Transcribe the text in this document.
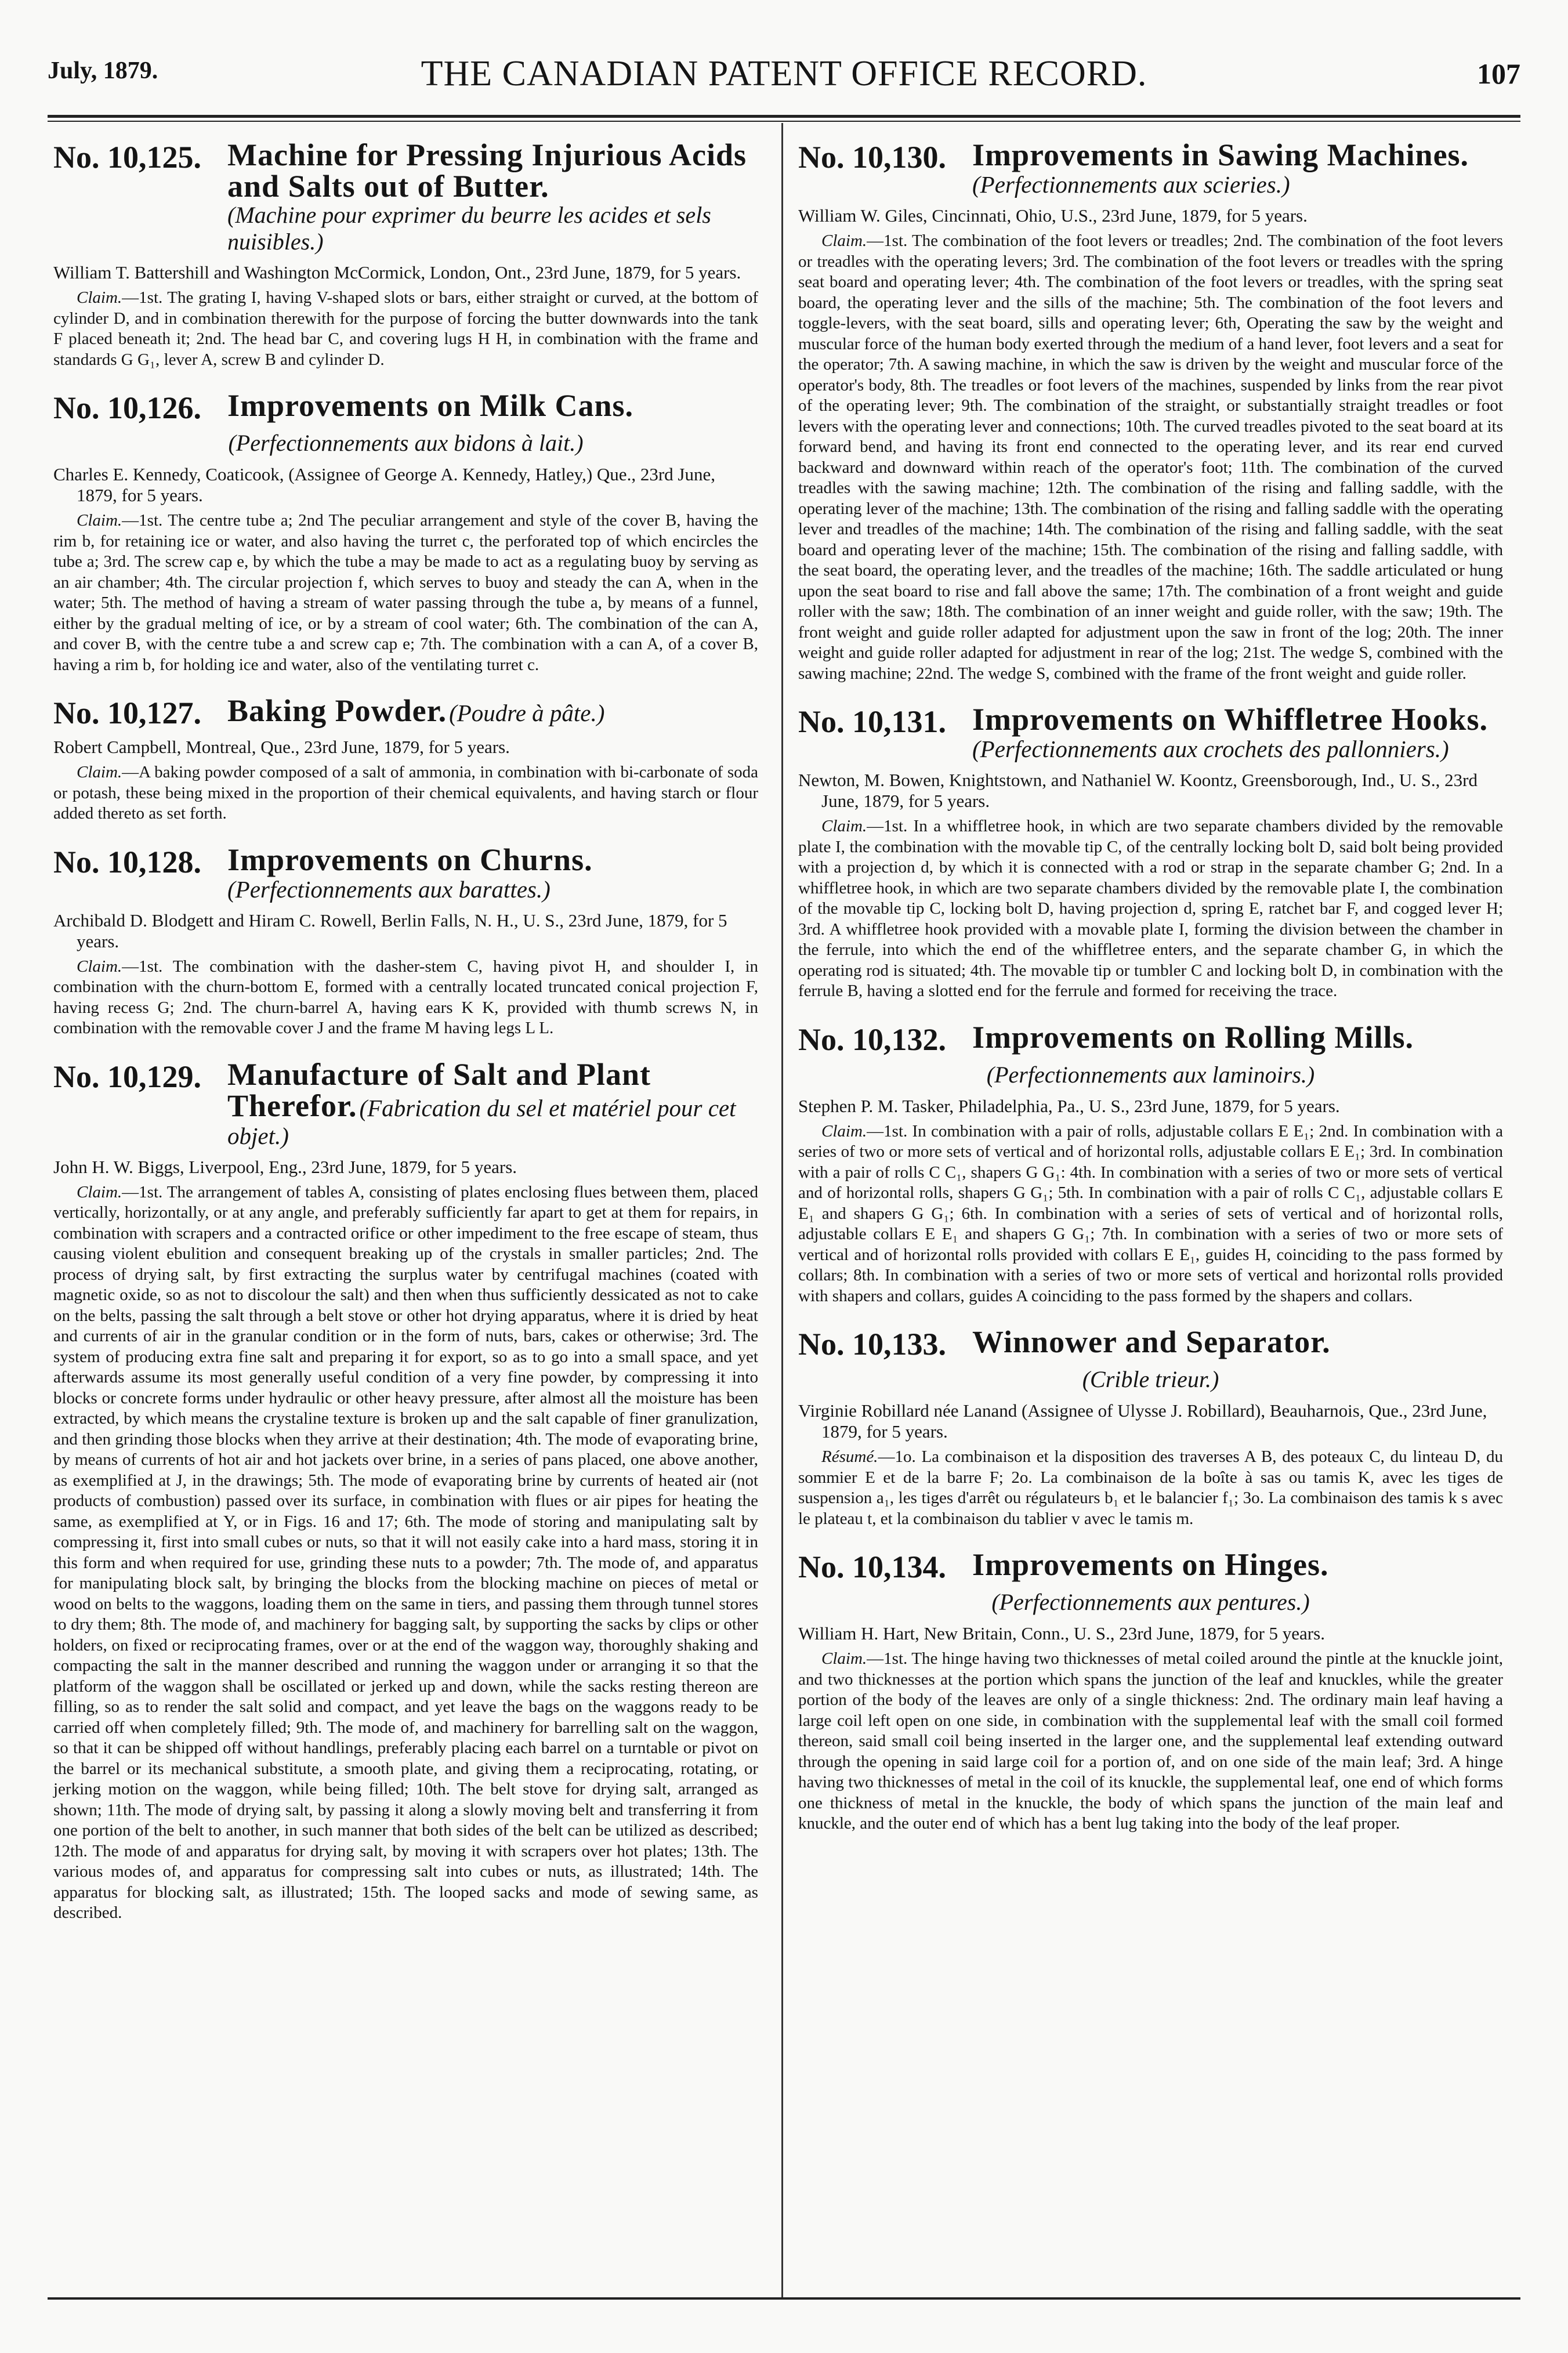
July, 1879.	THE CANADIAN PATENT OFFICE RECORD.	107
No. 10,125. Machine for Pressing Injurious Acids and Salts out of Butter.
(Machine pour exprimer du beurre les acides et sels nuisibles.)
William T. Battershill and Washington McCormick, London, Ont., 23rd June, 1879, for 5 years.
Claim.—1st. The grating I, having V-shaped slots or bars, either straight or curved, at the bottom of cylinder D, and in combination therewith for the purpose of forcing the butter downwards into the tank F placed beneath it; 2nd. The head bar C, and covering lugs H H, in combination with the frame and standards G G₁, lever A, screw B and cylinder D.
No. 10,126. Improvements on Milk Cans.
(Perfectionnements aux bidons à lait.)
Charles E. Kennedy, Coaticook, (Assignee of George A. Kennedy, Hatley,) Que., 23rd June, 1879, for 5 years.
Claim.—1st. The centre tube a; 2nd The peculiar arrangement and style of the cover B, having the rim b, for retaining ice or water, and also having the turret c, the perforated top of which encircles the tube a; 3rd. The screw cap e, by which the tube a may be made to act as a regulating buoy by serving as an air chamber; 4th. The circular projection f, which serves to buoy and steady the can A, when in the water; 5th. The method of having a stream of water passing through the tube a, by means of a funnel, either by the gradual melting of ice, or by a stream of cool water; 6th. The combination of the can A, and cover B, with the centre tube a and screw cap e; 7th. The combination with a can A, of a cover B, having a rim b, for holding ice and water, also of the ventilating turret c.
No. 10,127. Baking Powder. (Poudre à pâte.)
Robert Campbell, Montreal, Que., 23rd June, 1879, for 5 years.
Claim.—A baking powder composed of a salt of ammonia, in combination with bi-carbonate of soda or potash, these being mixed in the proportion of their chemical equivalents, and having starch or flour added thereto as set forth.
No. 10,128. Improvements on Churns. (Perfectionnements aux barattes.)
Archibald D. Blodgett and Hiram C. Rowell, Berlin Falls, N. H., U. S., 23rd June, 1879, for 5 years.
Claim.—1st. The combination with the dasher-stem C, having pivot H, and shoulder I, in combination with the churn-bottom E, formed with a centrally located truncated conical projection F, having recess G; 2nd. The churn-barrel A, having ears K K, provided with thumb screws N, in combination with the removable cover J and the frame M having legs L L.
No. 10,129. Manufacture of Salt and Plant Therefor. (Fabrication du sel et matériel pour cet objet.)
John H. W. Biggs, Liverpool, Eng., 23rd June, 1879, for 5 years.
Claim.—1st. The arrangement of tables A, consisting of plates enclosing flues between them, placed vertically, horizontally, or at any angle, and preferably sufficiently far apart to get at them for repairs, in combination with scrapers and a contracted orifice or other impediment to the free escape of steam, thus causing violent ebulition and consequent breaking up of the crystals in smaller particles; 2nd. The process of drying salt, by first extracting the surplus water by centrifugal machines (coated with magnetic oxide, so as not to discolour the salt) and then when thus sufficiently dessicated as not to cake on the belts, passing the salt through a belt stove or other hot drying apparatus, where it is dried by heat and currents of air in the granular condition or in the form of nuts, bars, cakes or otherwise; 3rd. The system of producing extra fine salt and preparing it for export, so as to go into a small space, and yet afterwards assume its most generally useful condition of a very fine powder, by compressing it into blocks or concrete forms under hydraulic or other heavy pressure, after almost all the moisture has been extracted, by which means the crystaline texture is broken up and the salt capable of finer granulization, and then grinding those blocks when they arrive at their destination; 4th. The mode of evaporating brine, by means of currents of hot air and hot jackets over brine, in a series of pans placed, one above another, as exemplified at J, in the drawings; 5th. The mode of evaporating brine by currents of heated air (not products of combustion) passed over its surface, in combination with flues or air pipes for heating the same, as exemplified at Y, or in Figs. 16 and 17; 6th. The mode of storing and manipulating salt by compressing it, first into small cubes or nuts, so that it will not easily cake into a hard mass, storing it in this form and when required for use, grinding these nuts to a powder; 7th. The mode of, and apparatus for manipulating block salt, by bringing the blocks from the blocking machine on pieces of metal or wood on belts to the waggons, loading them on the same in tiers, and passing them through tunnel stores to dry them; 8th. The mode of, and machinery for bagging salt, by supporting the sacks by clips or other holders, on fixed or reciprocating frames, over or at the end of the waggon way, thoroughly shaking and compacting the salt in the manner described and running the waggon under or arranging it so that the platform of the waggon shall be oscillated or jerked up and down, while the sacks resting thereon are filling, so as to render the salt solid and compact, and yet leave the bags on the waggons ready to be carried off when completely filled; 9th. The mode of, and machinery for barrelling salt on the waggon, so that it can be shipped off without handlings, preferably placing each barrel on a turntable or pivot on the barrel or its mechanical substitute, a smooth plate, and giving them a reciprocating, rotating, or jerking motion on the waggon, while being filled; 10th. The belt stove for drying salt, arranged as shown; 11th. The mode of drying salt, by passing it along a slowly moving belt and transferring it from one portion of the belt to another, in such manner that both sides of the belt can be utilized as described; 12th. The mode of and apparatus for drying salt, by moving it with scrapers over hot plates; 13th. The various modes of, and apparatus for compressing salt into cubes or nuts, as illustrated; 14th. The apparatus for blocking salt, as illustrated; 15th. The looped sacks and mode of sewing same, as described.
No. 10,130. Improvements in Sawing Machines. (Perfectionnements aux scieries.)
William W. Giles, Cincinnati, Ohio, U.S., 23rd June, 1879, for 5 years.
Claim.—1st. The combination of the foot levers or treadles; 2nd. The combination of the foot levers or treadles with the operating levers; 3rd. The combination of the foot levers or treadles with the spring seat board and operating lever; 4th. The combination of the foot levers or treadles, with the spring seat board, the operating lever and the sills of the machine; 5th. The combination of the foot levers and toggle-levers, with the seat board, sills and operating lever; 6th, Operating the saw by the weight and muscular force of the human body exerted through the medium of a hand lever, foot levers and a seat for the operator; 7th. A sawing machine, in which the saw is driven by the weight and muscular force of the operator's body, 8th. The treadles or foot levers of the machines, suspended by links from the rear pivot of the operating lever; 9th. The combination of the straight, or substantially straight treadles or foot levers with the operating lever and connections; 10th. The curved treadles pivoted to the seat board at its forward bend, and having its front end connected to the operating lever, and its rear end curved backward and downward within reach of the operator's foot; 11th. The combination of the curved treadles with the sawing machine; 12th. The combination of the rising and falling saddle, with the operating lever of the machine; 13th. The combination of the rising and falling saddle with the operating lever and treadles of the machine; 14th. The combination of the rising and falling saddle, with the seat board and operating lever of the machine; 15th. The combination of the rising and falling saddle, with the seat board, the operating lever, and the treadles of the machine; 16th. The saddle articulated or hung upon the seat board to rise and fall above the same; 17th. The combination of a front weight and guide roller with the saw; 18th. The combination of an inner weight and guide roller, with the saw; 19th. The front weight and guide roller adapted for adjustment upon the saw in front of the log; 20th. The inner weight and guide roller adapted for adjustment in rear of the log; 21st. The wedge S, combined with the sawing machine; 22nd. The wedge S, combined with the frame of the front weight and guide roller.
No. 10,131. Improvements on Whiffletree Hooks. (Perfectionnements aux crochets des pallonniers.)
Newton, M. Bowen, Knightstown, and Nathaniel W. Koontz, Greensborough, Ind., U. S., 23rd June, 1879, for 5 years.
Claim.—1st. In a whiffletree hook, in which are two separate chambers divided by the removable plate I, the combination with the movable tip C, of the centrally locking bolt D, said bolt being provided with a projection d, by which it is connected with a rod or strap in the separate chamber G; 2nd. In a whiffletree hook, in which are two separate chambers divided by the removable plate I, the combination of the movable tip C, locking bolt D, having projection d, spring E, ratchet bar F, and cogged lever H; 3rd. A whiffletree hook provided with a movable plate I, forming the division between the chamber in the ferrule, into which the end of the whiffletree enters, and the separate chamber G, in which the operating rod is situated; 4th. The movable tip or tumbler C and locking bolt D, in combination with the ferrule B, having a slotted end for the ferrule and formed for receiving the trace.
No. 10,132. Improvements on Rolling Mills.
(Perfectionnements aux laminoirs.)
Stephen P. M. Tasker, Philadelphia, Pa., U. S., 23rd June, 1879, for 5 years.
Claim.—1st. In combination with a pair of rolls, adjustable collars E E₁; 2nd. In combination with a series of two or more sets of vertical and of horizontal rolls, adjustable collars E E₁; 3rd. In combination with a pair of rolls C C₁, shapers G G₁: 4th. In combination with a series of two or more sets of vertical and of horizontal rolls, shapers G G₁; 5th. In combination with a pair of rolls C C₁, adjustable collars E E₁ and shapers G G₁; 6th. In combination with a series of sets of vertical and of horizontal rolls, adjustable collars E E₁ and shapers G G₁; 7th. In combination with a series of two or more sets of vertical and of horizontal rolls provided with collars E E₁, guides H, coinciding to the pass formed by collars; 8th. In combination with a series of two or more sets of vertical and horizontal rolls provided with shapers and collars, guides A coinciding to the pass formed by the shapers and collars.
No. 10,133. Winnower and Separator.
(Crible trieur.)
Virginie Robillard née Lanand (Assignee of Ulysse J. Robillard), Beauharnois, Que., 23rd June, 1879, for 5 years.
Résumé.—1o. La combinaison et la disposition des traverses A B, des poteaux C, du linteau D, du sommier E et de la barre F; 2o. La combinaison de la boîte à sas ou tamis K, avec les tiges de suspension a₁, les tiges d'arrêt ou régulateurs b₁ et le balancier f₁; 3o. La combinaison des tamis k s avec le plateau t, et la combinaison du tablier v avec le tamis m.
No. 10,134. Improvements on Hinges.
(Perfectionnements aux pentures.)
William H. Hart, New Britain, Conn., U. S., 23rd June, 1879, for 5 years.
Claim.—1st. The hinge having two thicknesses of metal coiled around the pintle at the knuckle joint, and two thicknesses at the portion which spans the junction of the leaf and knuckles, while the greater portion of the body of the leaves are only of a single thickness: 2nd. The ordinary main leaf having a large coil left open on one side, in combination with the supplemental leaf with the small coil formed thereon, said small coil being inserted in the larger one, and the supplemental leaf extending outward through the opening in said large coil for a portion of, and on one side of the main leaf; 3rd. A hinge having two thicknesses of metal in the coil of its knuckle, the supplemental leaf, one end of which forms one thickness of metal in the knuckle, the body of which spans the junction of the main leaf and knuckle, and the outer end of which has a bent lug taking into the body of the leaf proper.
